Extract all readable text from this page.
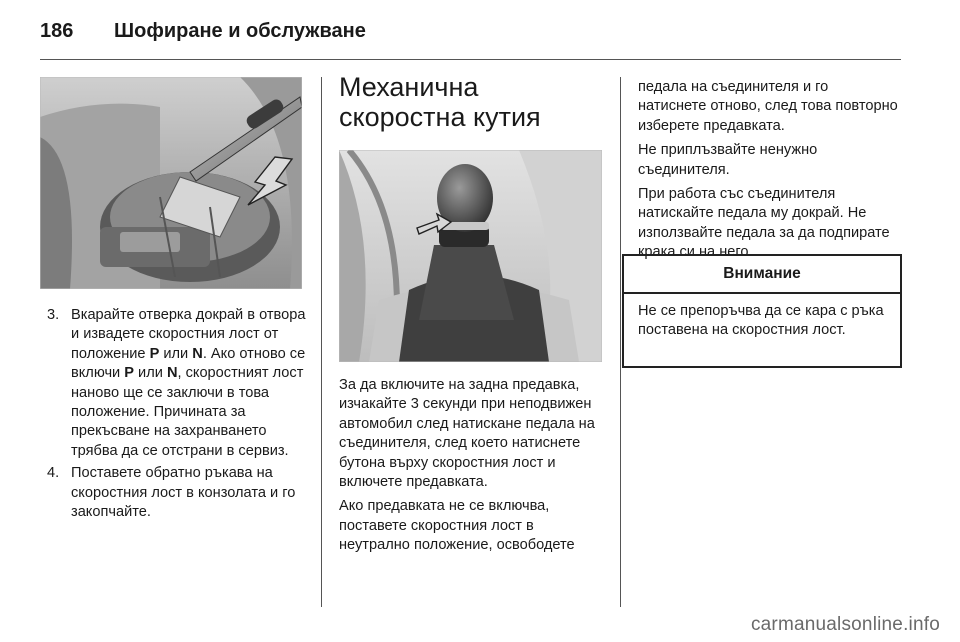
186 Шофиране и обслужване
3. Вкарайте отверка докрай в отвора и извадете скоростния лост от положение P или N. Ако отново се включи P или N, скоростният лост наново ще се заключи в това положение. Причината за прекъсване на захранването трябва да се отстрани в сервиз.
4. Поставете обратно ръкава на скоростния лост в конзолата и го закопчайте.
Механична скоростна кутия

За да включите на задна предавка, изчакайте 3 секунди при неподвижен автомобил след натискане педала на съединителя, след което натиснете бутона върху скоростния лост и включете предавката.

Ако предавката не се включва, поставете скоростния лост в неутрално положение, освободете

педала на съединителя и го натиснете отново, след това повторно изберете предавката.

Не приплъзвайте ненужно съединителя.

При работа със съединителя натискайте педала му докрай. Не използвайте педала за да подпирате крака си на него.

Внимание
Не се препоръчва да се кара с ръка поставена на скоростния лост.
carmanualsonline.info
